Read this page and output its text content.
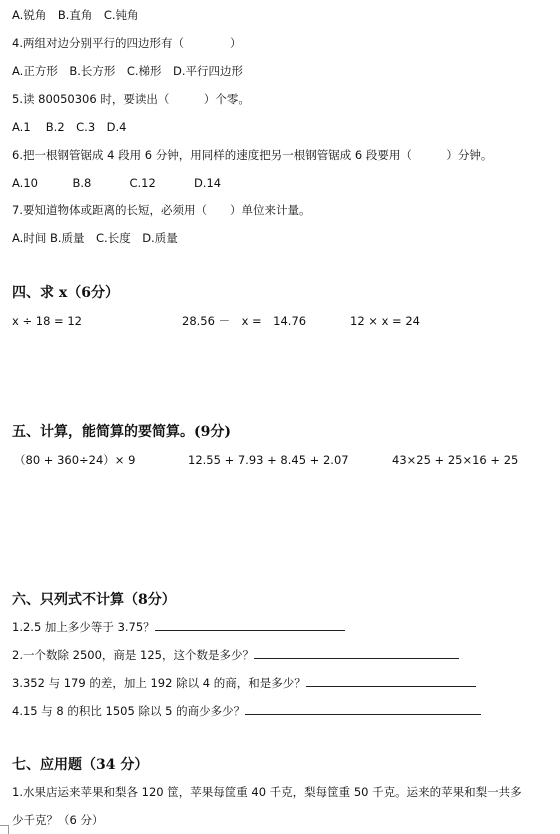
A.锐角　B.直角　C.钝角
4.两组对边分别平行的四边形有（　　　　）
A.正方形　B.长方形　C.梯形　D.平行四边形
5.读 80050306 时，要读出（　　　）个零。
A.1　 B.2　C.3　D.4
6.把一根钢管锯成 4 段用 6 分钟，用同样的速度把另一根钢管锯成 6 段要用（　　　）分钟。
A.10　　　B.8　　　 C.12　　　 D.14
7.要知道物体或距离的长短，必须用（　　）单位来计量。
A.时间 B.质量　C.长度　D.质量
四、求 x（6分）
x ÷ 18 = 12	28.56 －　x =　14.76	12 × x = 24
五、计算，能简算的要简算。(9分)
（80 + 360÷24）× 9	12.55 + 7.93 + 8.45 + 2.07	43×25 + 25×16 + 25
六、只列式不计算（8分）
1.2.5 加上多少等于 3.75？
2.一个数除 2500，商是 125，这个数是多少？
3.352 与 179 的差，加上 192 除以 4 的商，和是多少？
4.15 与 8 的积比 1505 除以 5 的商少多少？
七、应用题（34 分）
1.水果店运来苹果和梨各 120 筐，苹果每筐重 40 千克，梨每筐重 50 千克。运来的苹果和梨一共多
少千克？（6 分）
